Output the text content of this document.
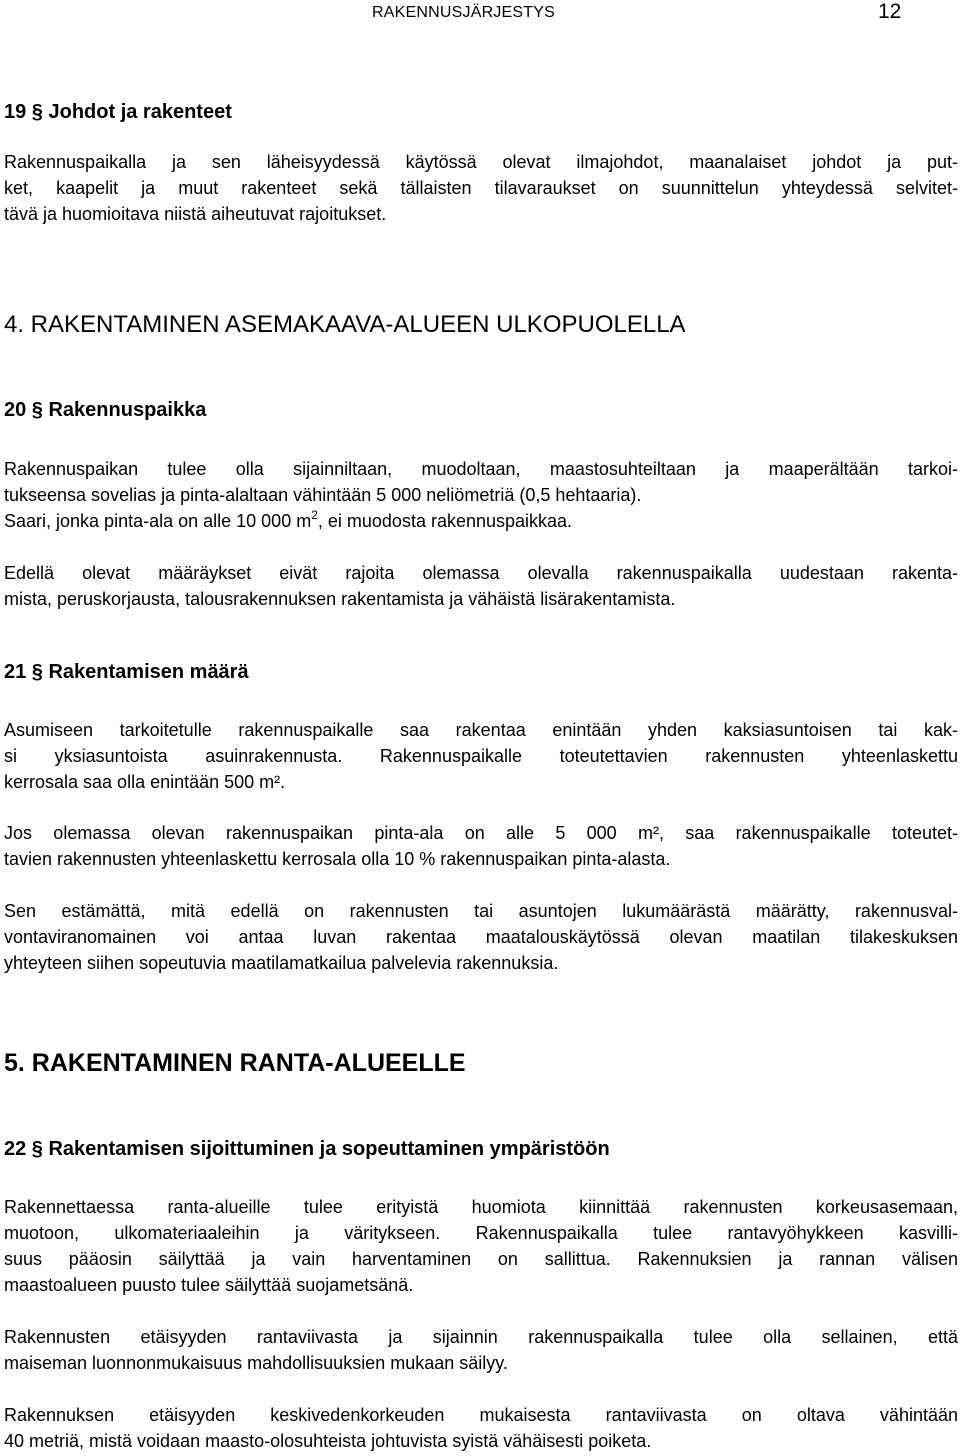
RAKENNUSJÄRJESTYS	12
19 § Johdot ja rakenteet
Rakennuspaikalla ja sen läheisyydessä käytössä olevat ilmajohdot, maanalaiset johdot ja put-
ket, kaapelit ja muut rakenteet sekä tällaisten tilavaraukset on suunnittelun yhteydessä selvitet-
tävä ja huomioitava niistä aiheutuvat rajoitukset.
4. RAKENTAMINEN ASEMAKAAVA-ALUEEN ULKOPUOLELLA
20 § Rakennuspaikka
Rakennuspaikan tulee olla sijainniltaan, muodoltaan, maastosuhteiltaan ja maaperältään tarkoi-
tukseensa sovelias ja pinta-alaltaan vähintään 5 000 neliömetriä (0,5 hehtaaria).
Saari, jonka pinta-ala on alle 10 000 $m^2$, ei muodosta rakennuspaikkaa.
Edellä olevat määräykset eivät rajoita olemassa olevalla rakennuspaikalla uudestaan rakenta-
mista, peruskorjausta, talousrakennuksen rakentamista ja vähäistä lisärakentamista.
21 § Rakentamisen määrä
Asumiseen tarkoitetulle rakennuspaikalle saa rakentaa enintään yhden kaksiasuntoisen tai kak-
si yksiasuntoista asuinrakennusta. Rakennuspaikalle toteutettavien rakennusten yhteenlaskettu
kerrosala saa olla enintään 500 m².
Jos olemassa olevan rakennuspaikan pinta-ala on alle 5 000 m², saa rakennuspaikalle toteutet-
tavien rakennusten yhteenlaskettu kerrosala olla 10 % rakennuspaikan pinta-alasta.
Sen estämättä, mitä edellä on rakennusten tai asuntojen lukumäärästä määrätty, rakennusval-
vontaviranomainen voi antaa luvan rakentaa maatalouskäytössä olevan maatilan tilakeskuksen
yhteyteen siihen sopeutuvia maatilamatkailua palvelevia rakennuksia.
5. RAKENTAMINEN RANTA-ALUEELLE
22 § Rakentamisen sijoittuminen ja sopeuttaminen ympäristöön
Rakennettaessa ranta-alueille tulee erityistä huomiota kiinnittää rakennusten korkeusasemaan,
muotoon, ulkomateriaaleihin ja väritykseen. Rakennuspaikalla tulee rantavyöhykkeen kasvilli-
suus pääosin säilyttää ja vain harventaminen on sallittua. Rakennuksien ja rannan välisen
maastoalueen puusto tulee säilyttää suojametsänä.
Rakennusten etäisyyden rantaviivasta ja sijainnin rakennuspaikalla tulee olla sellainen, että
maiseman luonnonmukaisuus mahdollisuuksien mukaan säilyy.
Rakennuksen etäisyyden keskivedenkorkeuden mukaisesta rantaviivasta on oltava vähintään
40 metriä, mistä voidaan maasto-olosuhteista johtuvista syistä vähäisesti poiketa.
